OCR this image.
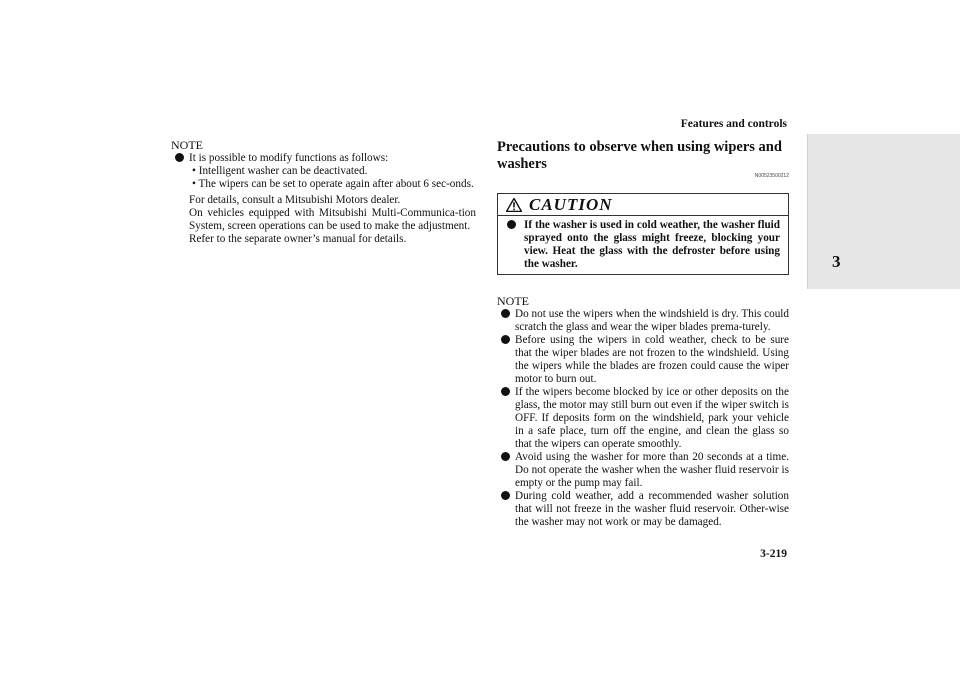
Features and controls
3
NOTE
It is possible to modify functions as follows:
• Intelligent washer can be deactivated.
• The wipers can be set to operate again after about 6 sec-onds.
For details, consult a Mitsubishi Motors dealer.
On vehicles equipped with Mitsubishi Multi-Communica-tion System, screen operations can be used to make the adjustment.
Refer to the separate owner’s manual for details.
Precautions to observe when using wipers and washers
N00523500212
CAUTION
If the washer is used in cold weather, the washer fluid sprayed onto the glass might freeze, blocking your view. Heat the glass with the defroster before using the washer.
NOTE
Do not use the wipers when the windshield is dry. This could scratch the glass and wear the wiper blades prema-turely.
Before using the wipers in cold weather, check to be sure that the wiper blades are not frozen to the windshield. Using the wipers while the blades are frozen could cause the wiper motor to burn out.
If the wipers become blocked by ice or other deposits on the glass, the motor may still burn out even if the wiper switch is OFF. If deposits form on the windshield, park your vehicle in a safe place, turn off the engine, and clean the glass so that the wipers can operate smoothly.
Avoid using the washer for more than 20 seconds at a time. Do not operate the washer when the washer fluid reservoir is empty or the pump may fail.
During cold weather, add a recommended washer solution that will not freeze in the washer fluid reservoir. Other-wise the washer may not work or may be damaged.
3-219
